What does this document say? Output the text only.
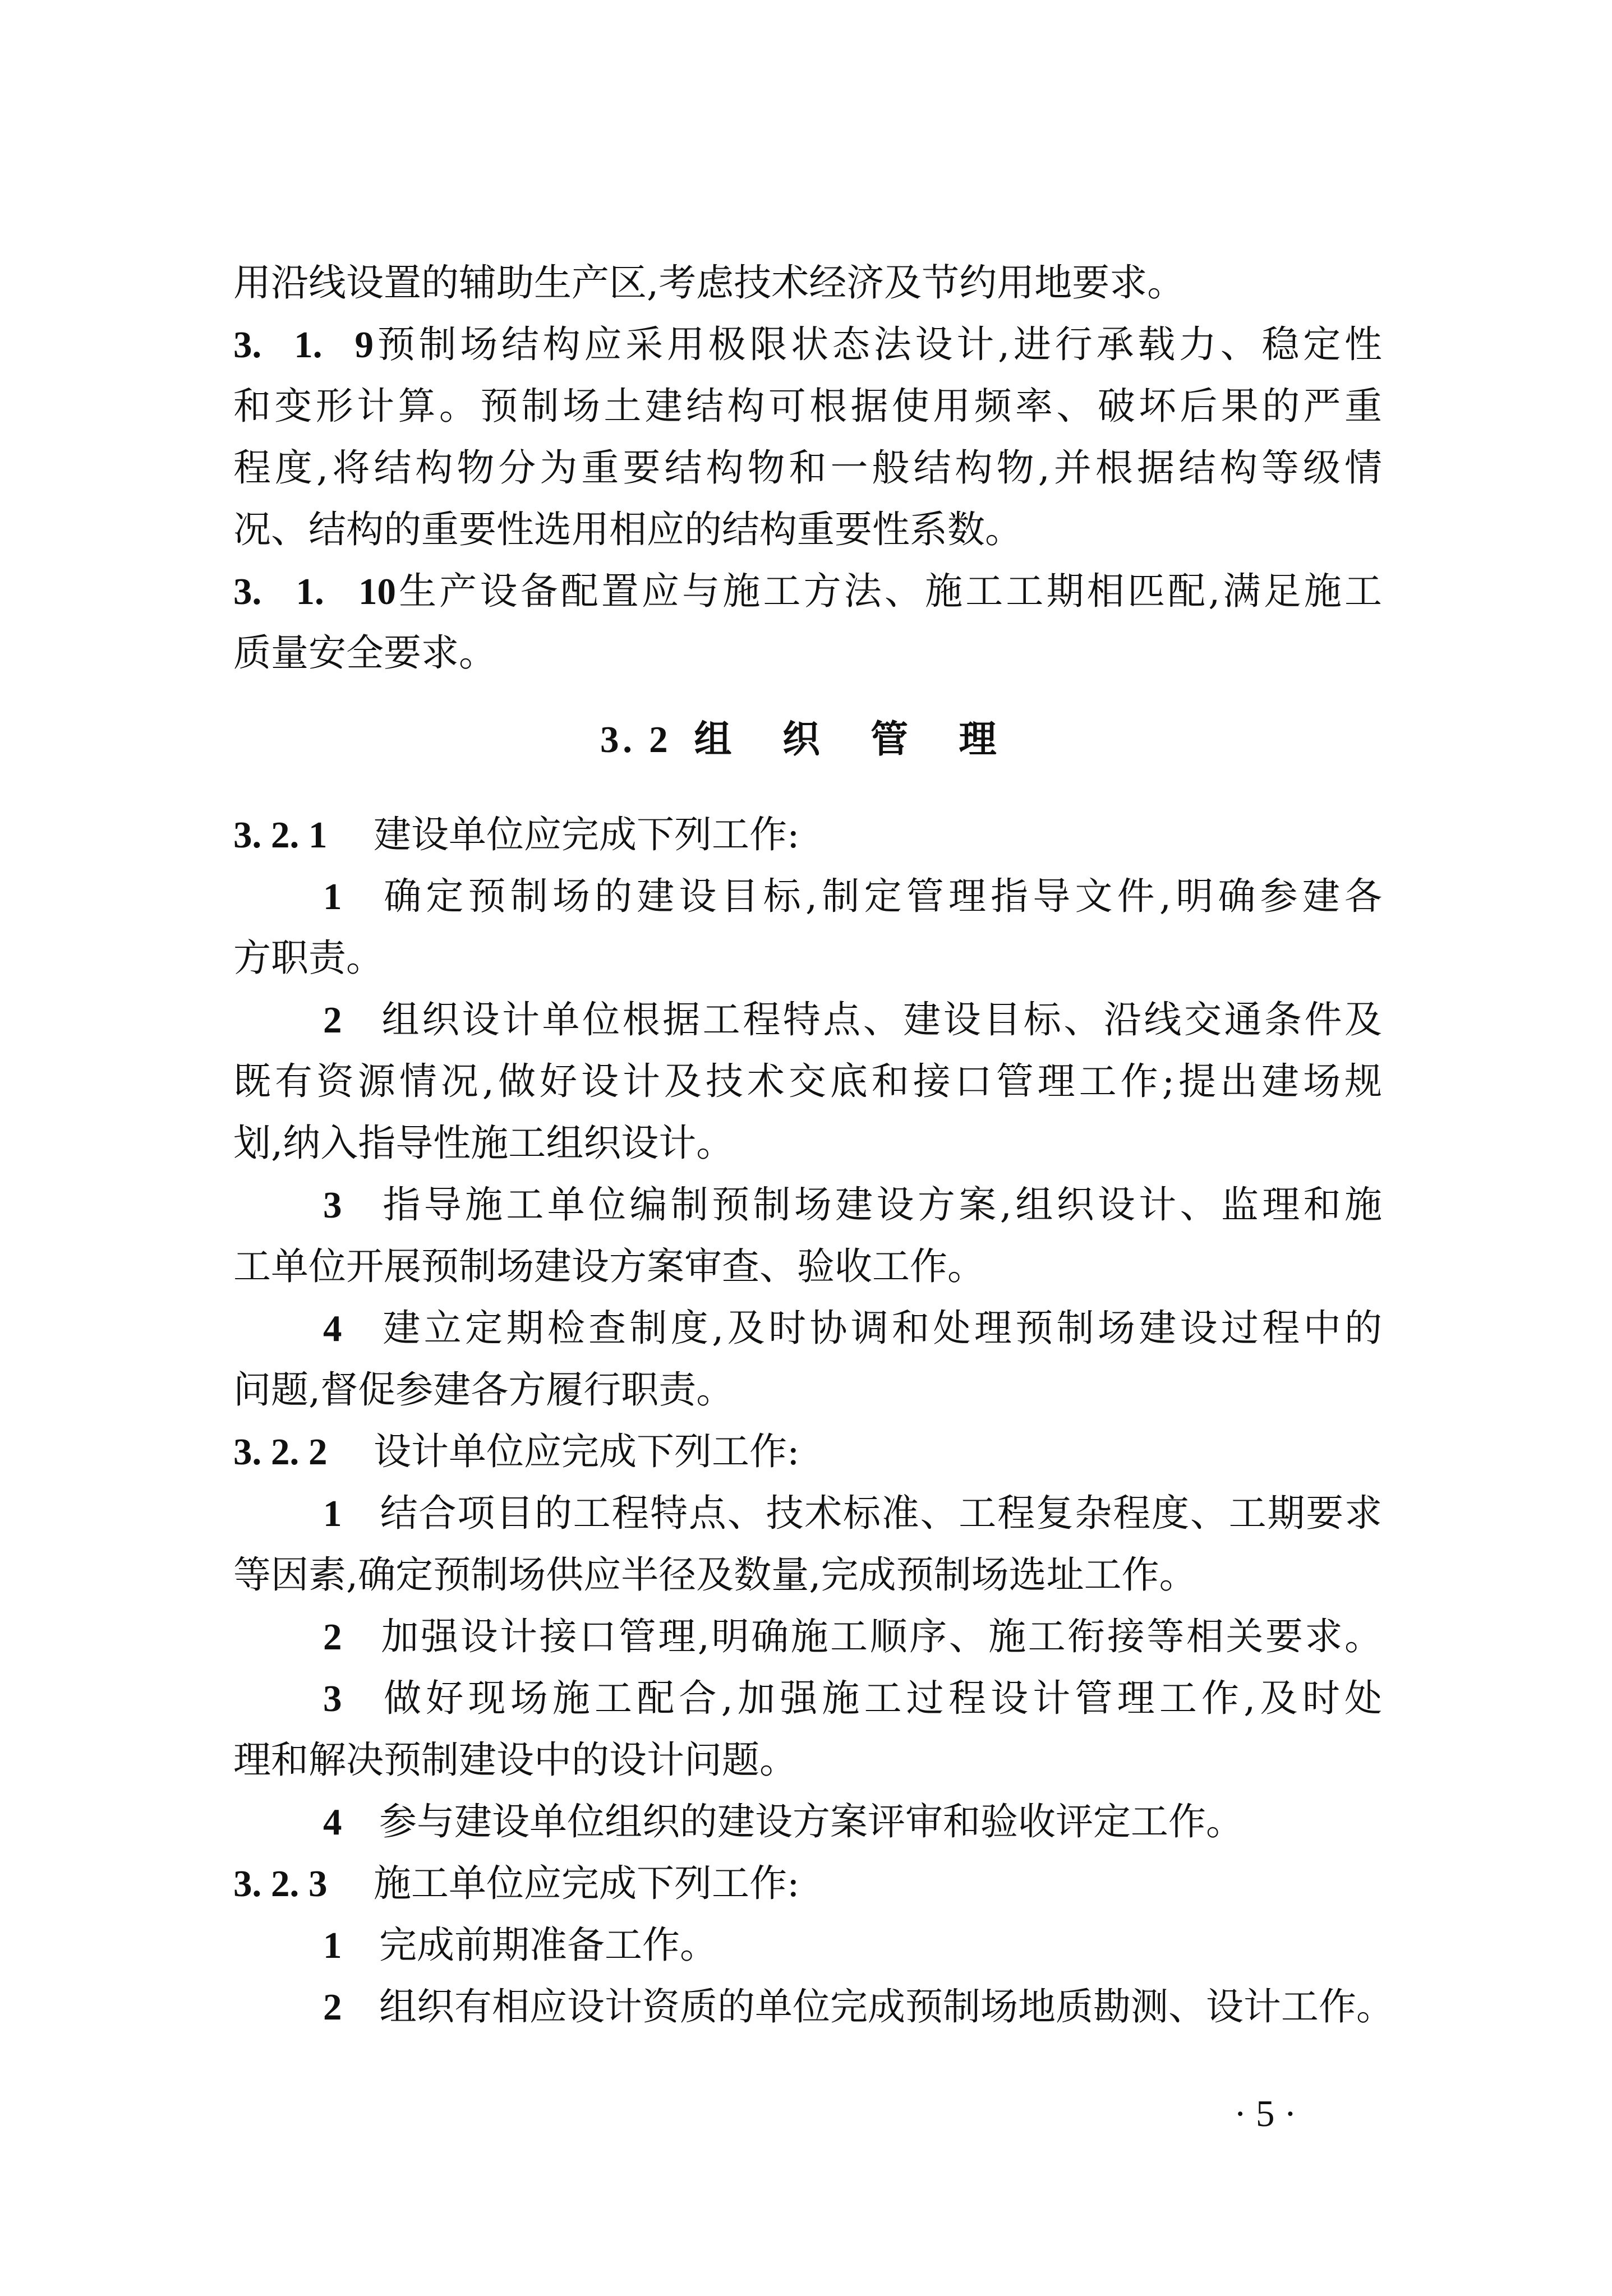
用沿线设置的辅助生产区,考虑技术经济及节约用地要求。
3. 1. 9预制场结构应采用极限状态法设计,进行承载力、稳定性
和变形计算。预制场土建结构可根据使用频率、破坏后果的严重
程度,将结构物分为重要结构物和一般结构物,并根据结构等级情
况、结构的重要性选用相应的结构重要性系数。
3. 1. 10生产设备配置应与施工方法、施工工期相匹配,满足施工
质量安全要求。
3. 2 组 织 管 理
3. 2. 1 建设单位应完成下列工作:
1 确定预制场的建设目标,制定管理指导文件,明确参建各
方职责。
2 组织设计单位根据工程特点、建设目标、沿线交通条件及
既有资源情况,做好设计及技术交底和接口管理工作;提出建场规
划,纳入指导性施工组织设计。
3 指导施工单位编制预制场建设方案,组织设计、监理和施
工单位开展预制场建设方案审查、验收工作。
4 建立定期检查制度,及时协调和处理预制场建设过程中的
问题,督促参建各方履行职责。
3. 2. 2 设计单位应完成下列工作:
1 结合项目的工程特点、技术标准、工程复杂程度、工期要求
等因素,确定预制场供应半径及数量,完成预制场选址工作。
2 加强设计接口管理,明确施工顺序、施工衔接等相关要求。
3 做好现场施工配合,加强施工过程设计管理工作,及时处
理和解决预制建设中的设计问题。
4 参与建设单位组织的建设方案评审和验收评定工作。
3. 2. 3 施工单位应完成下列工作:
1 完成前期准备工作。
2 组织有相应设计资质的单位完成预制场地质勘测、设计工作。
· 5 ·
